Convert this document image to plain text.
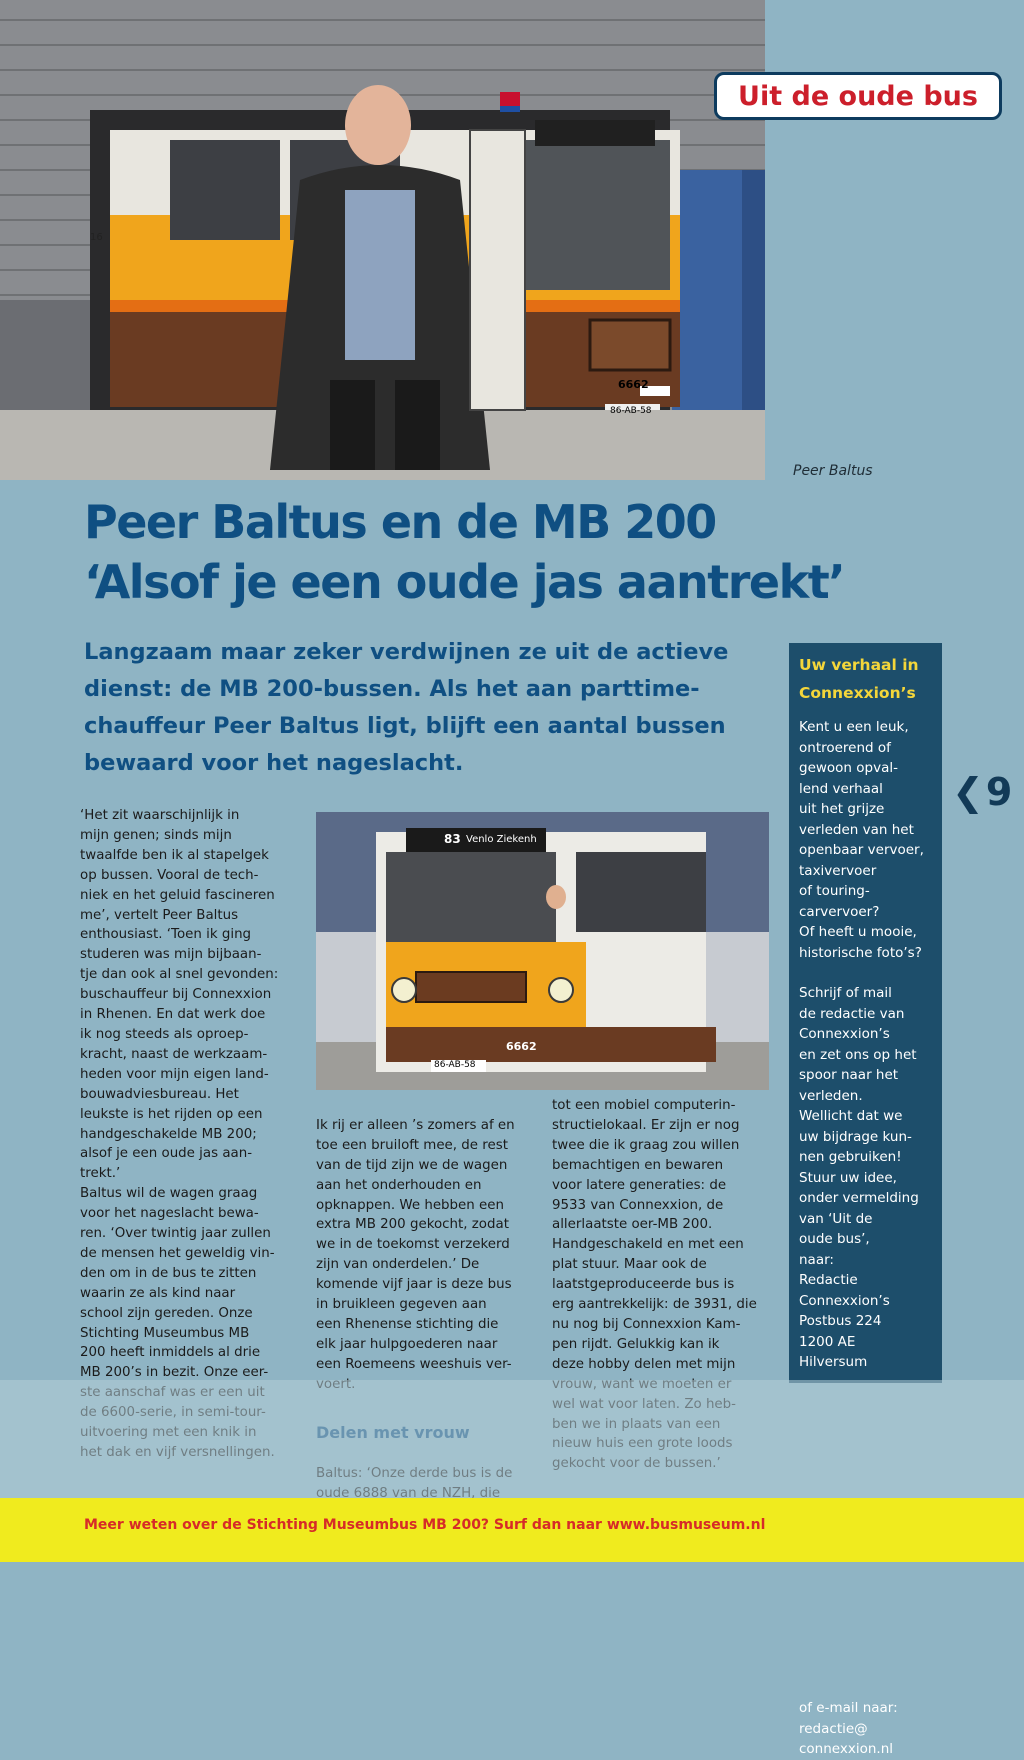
6662
86-AB-58
16
Uit de oude bus
Peer Baltus
Peer Baltus en de MB 200
‘Alsof je een oude jas aantrekt’
Langzaam maar zeker verdwijnen ze uit de actieve dienst: de MB 200-bussen. Als het aan parttime-chauffeur Peer Baltus ligt, blijft een aantal bussen bewaard voor het nageslacht.
‘Het zit waarschijnlijk in
mijn genen; sinds mijn
twaalfde ben ik al stapelgek
op bussen. Vooral de tech-
niek en het geluid fascineren
me’, vertelt Peer Baltus
enthousiast. ‘Toen ik ging
studeren was mijn bijbaan-
tje dan ook al snel gevonden:
buschauffeur bij Connexxion
in Rhenen. En dat werk doe
ik nog steeds als oproep-
kracht, naast de werkzaam-
heden voor mijn eigen land-
bouwadviesbureau. Het
leukste is het rijden op een
handgeschakelde MB 200;
alsof je een oude jas aan-
trekt.’
Baltus wil de wagen graag
voor het nageslacht bewa-
ren. ‘Over twintig jaar zullen
de mensen het geweldig vin-
den om in de bus te zitten
waarin ze als kind naar
school zijn gereden. Onze
Stichting Museumbus MB
200 heeft inmiddels al drie
MB 200’s in bezit. Onze eer-

83 Venlo Ziekenh
6662
86-AB-58

Ik rij er alleen ’s zomers af en
toe een bruiloft mee, de rest
van de tijd zijn we de wagen
aan het onderhouden en
opknappen. We hebben een
extra MB 200 gekocht, zodat
we in de toekomst verzekerd
zijn van onderdelen.’ De
komende vijf jaar is deze bus
in bruikleen gegeven aan
een Rhenense stichting die
elk jaar hulpgoederen naar
een Roemeens weeshuis ver-

tot een mobiel computerin-
structielokaal. Er zijn er nog
twee die ik graag zou willen
bemachtigen en bewaren
voor latere generaties: de
9533 van Connexxion, de
allerlaatste oer-MB 200.
Handgeschakeld en met een
plat stuur. Maar ook de
laatstgeproduceerde bus is
erg aantrekkelijk: de 3931, die
nu nog bij Connexxion Kam-
pen rijdt. Gelukkig kan ik
deze hobby delen met mijn

Uw verhaal in Connexxion’s
Kent u een leuk,
ontroerend of
gewoon opval-
lend verhaal
uit het grijze
verleden van het
openbaar vervoer,
taxivervoer
of touring-
carvervoer?
Of heeft u mooie,
historische foto’s?
Schrijf of mail
de redactie van
Connexxion’s
en zet ons op het
spoor naar het
verleden.
Wellicht dat we
uw bijdrage kun-
nen gebruiken!
Stuur uw idee,
onder vermelding
van ‘Uit de
oude bus’,
naar:
Redactie
Connexxion’s
Postbus 224
1200 AE
Hilversum
of e-mail naar:
redactie@
connexxion.nl
❮ 9
Meer weten over de Stichting Museumbus MB 200? Surf dan naar www.busmuseum.nl
